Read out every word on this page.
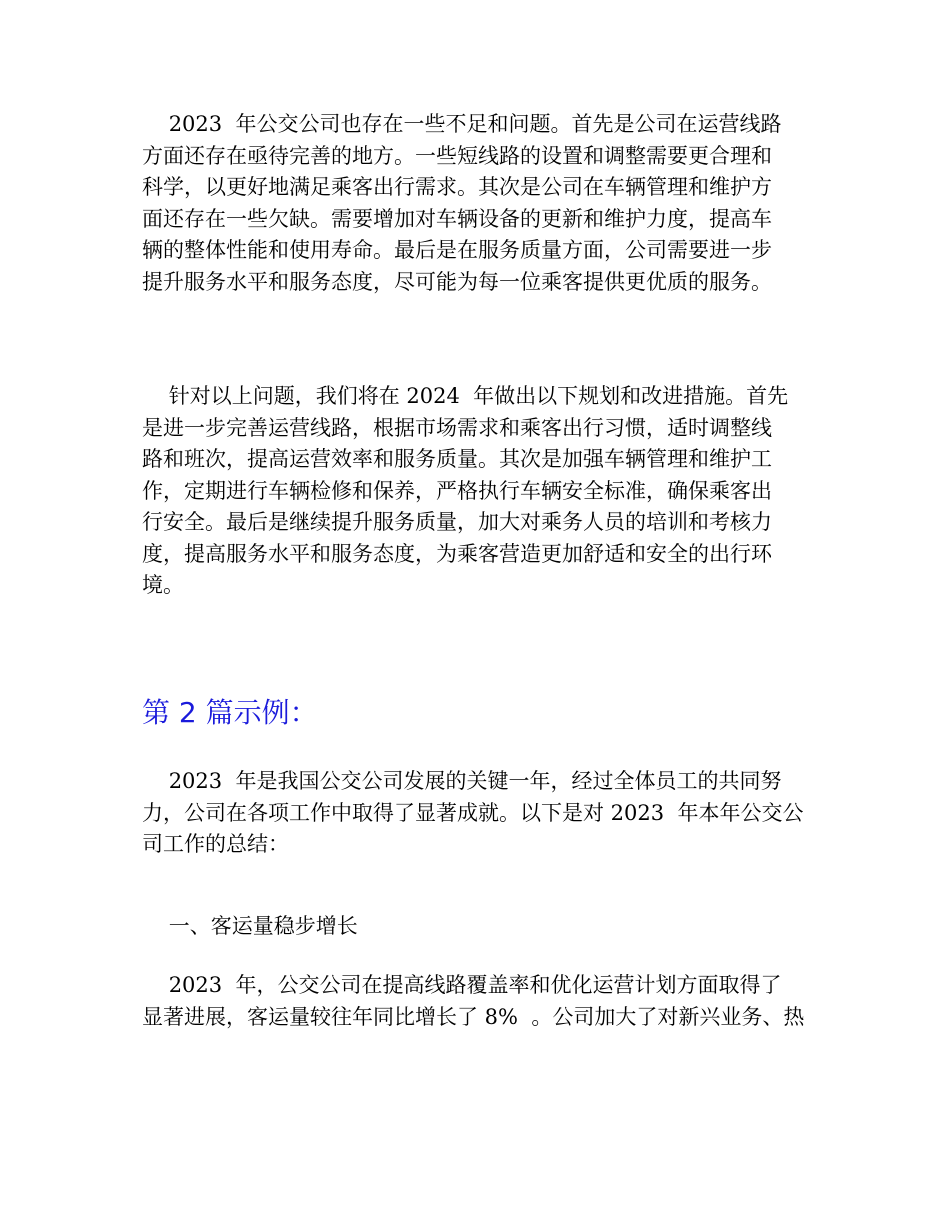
2023  年公交公司也存在一些不足和问题。首先是公司在运营线路
方面还存在亟待完善的地方。一些短线路的设置和调整需要更合理和
科学，以更好地满足乘客出行需求。其次是公司在车辆管理和维护方
面还存在一些欠缺。需要增加对车辆设备的更新和维护力度，提高车
辆的整体性能和使用寿命。最后是在服务质量方面，公司需要进一步
提升服务水平和服务态度，尽可能为每一位乘客提供更优质的服务。
针对以上问题，我们将在 2024  年做出以下规划和改进措施。首先
是进一步完善运营线路，根据市场需求和乘客出行习惯，适时调整线
路和班次，提高运营效率和服务质量。其次是加强车辆管理和维护工
作，定期进行车辆检修和保养，严格执行车辆安全标准，确保乘客出
行安全。最后是继续提升服务质量，加大对乘务人员的培训和考核力
度，提高服务水平和服务态度，为乘客营造更加舒适和安全的出行环
境。
第 2 篇示例：
2023  年是我国公交公司发展的关键一年，经过全体员工的共同努
力，公司在各项工作中取得了显著成就。以下是对 2023  年本年公交公
司工作的总结：
一、客运量稳步增长
2023  年，公交公司在提高线路覆盖率和优化运营计划方面取得了
显著进展，客运量较往年同比增长了 8%  。公司加大了对新兴业务、热
